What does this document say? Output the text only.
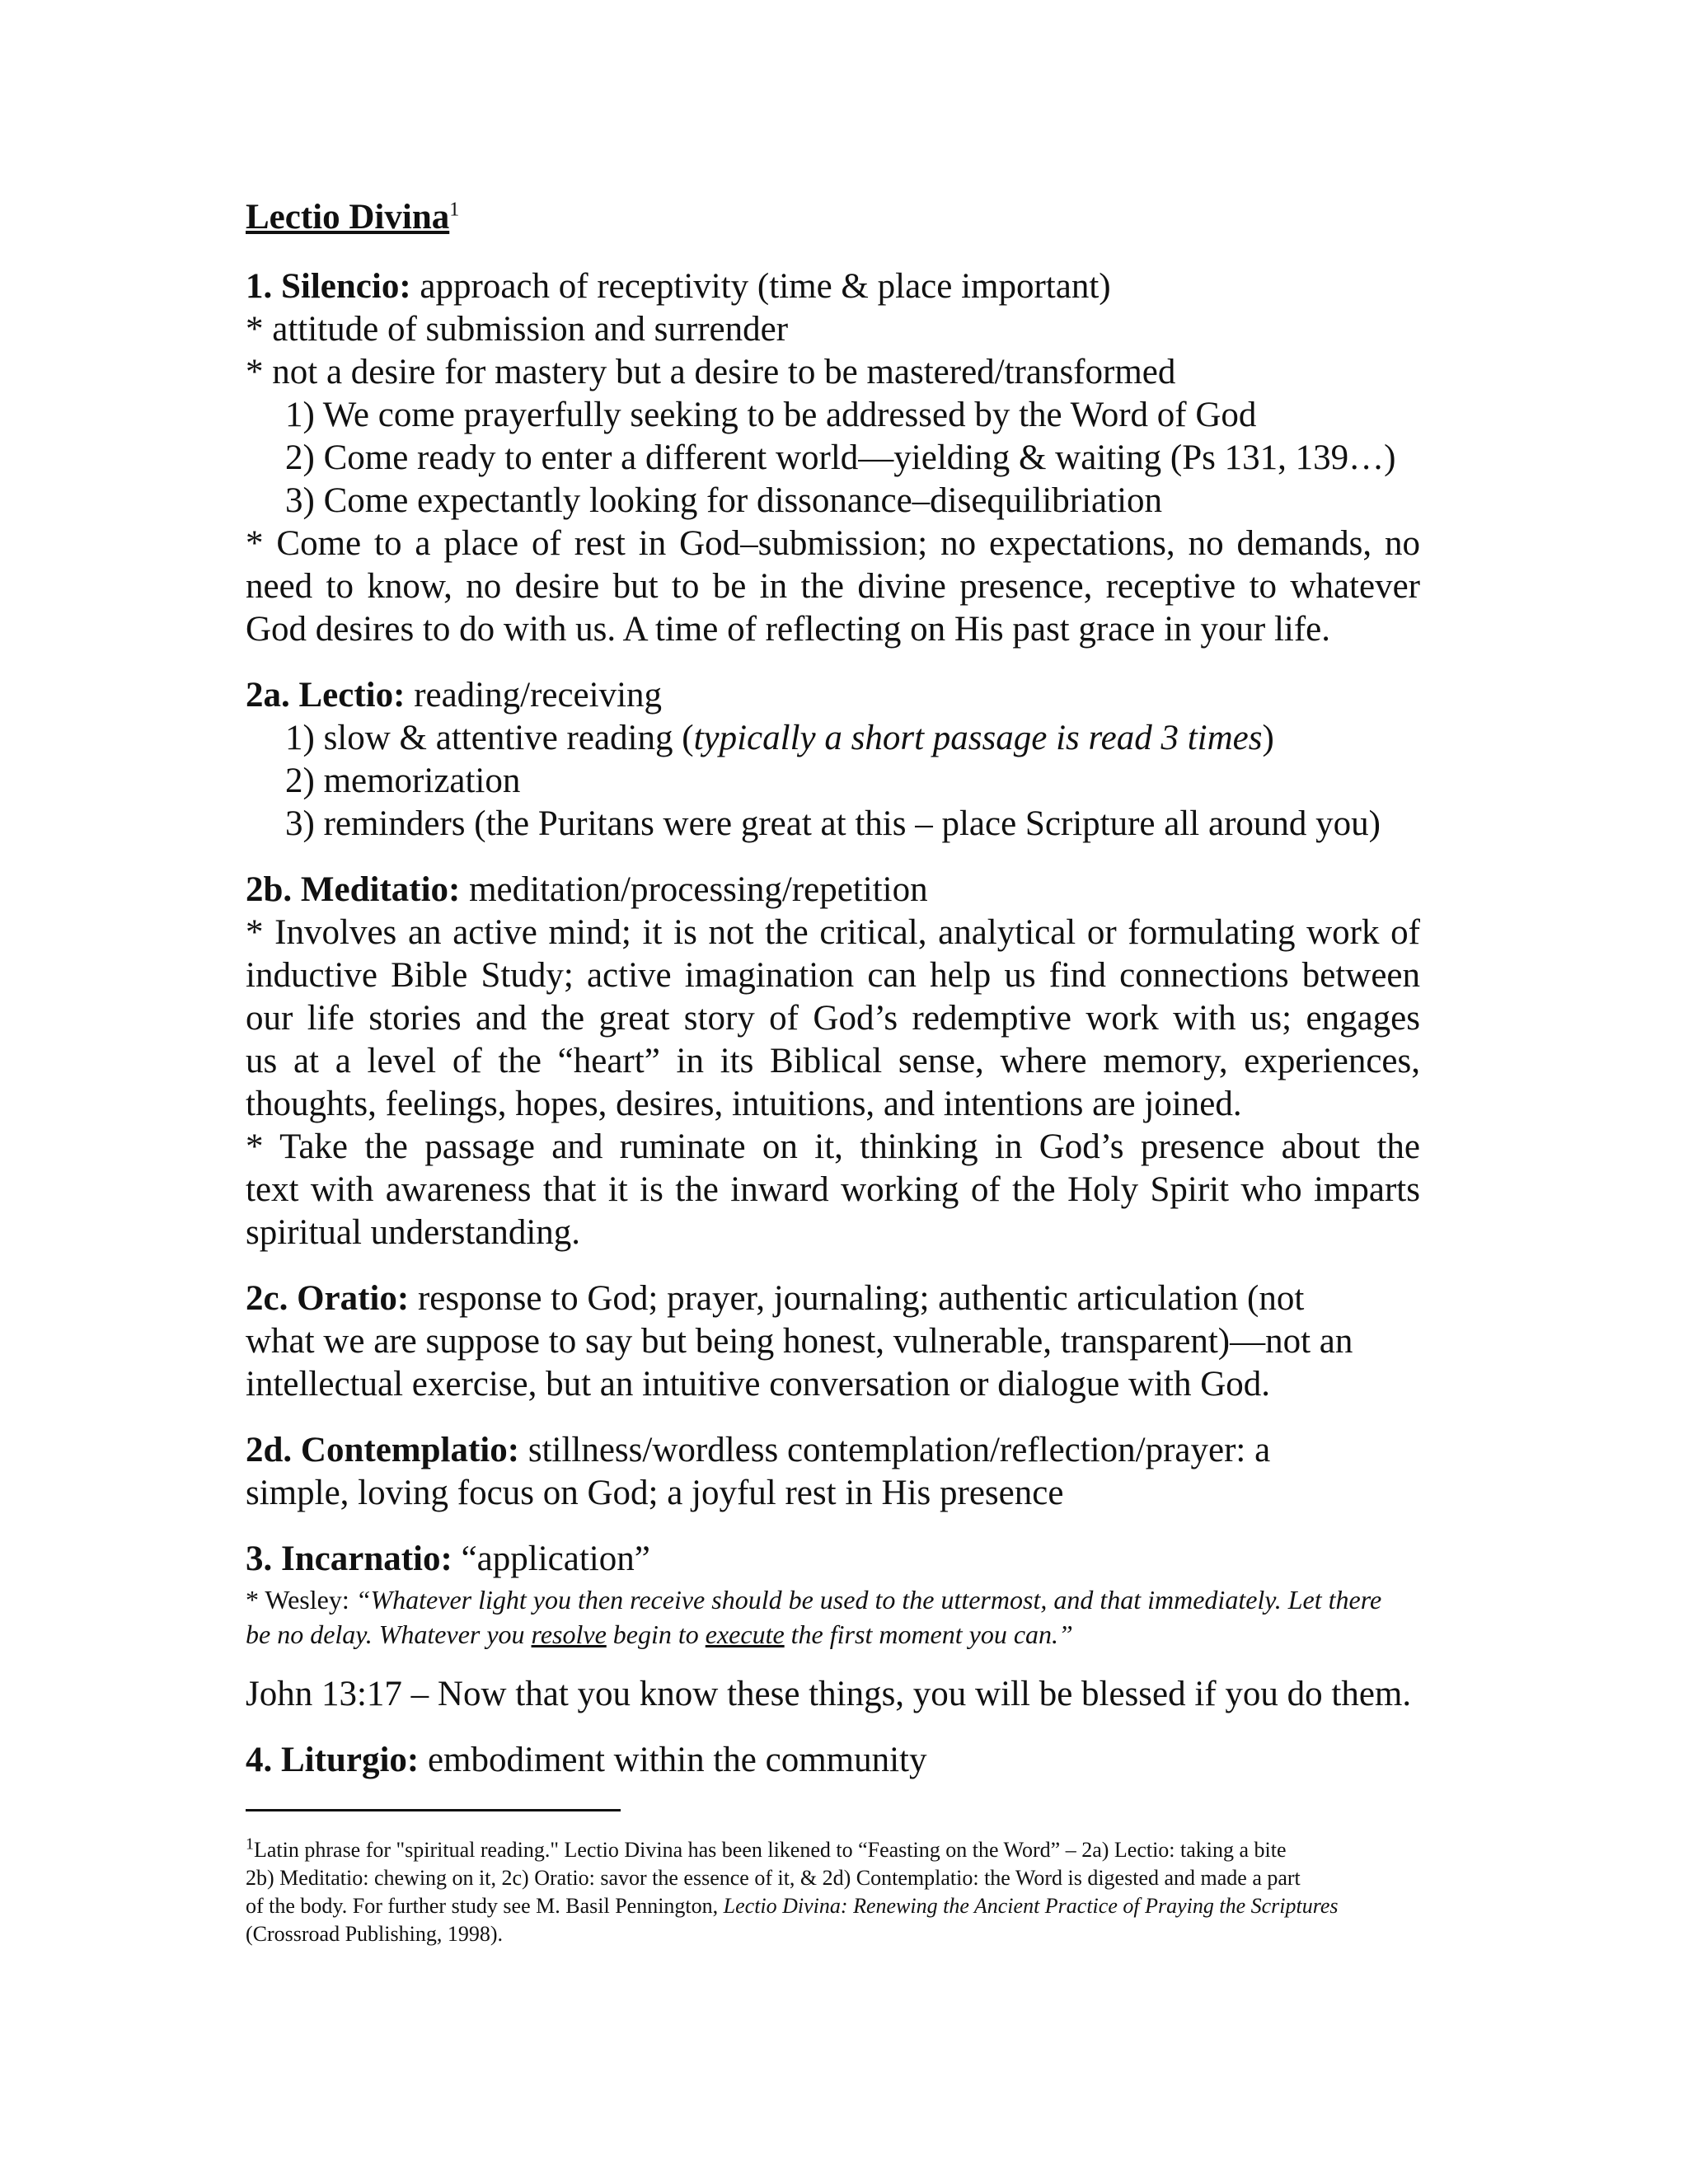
Lectio Divina$^1$
1. Silencio: approach of receptivity (time & place important)
* attitude of submission and surrender
* not a desire for mastery but a desire to be mastered/transformed
1) We come prayerfully seeking to be addressed by the Word of God
2) Come ready to enter a different world—yielding & waiting (Ps 131, 139…)
3) Come expectantly looking for dissonance–disequilibriation
* Come to a place of rest in God–submission; no expectations, no demands, no
need to know, no desire but to be in the divine presence, receptive to whatever
God desires to do with us. A time of reflecting on His past grace in your life.
2a. Lectio: reading/receiving
1) slow & attentive reading (typically a short passage is read 3 times)
2) memorization
3) reminders (the Puritans were great at this – place Scripture all around you)
2b. Meditatio: meditation/processing/repetition
* Involves an active mind; it is not the critical, analytical or formulating work of
inductive Bible Study; active imagination can help us find connections between
our life stories and the great story of God’s redemptive work with us; engages
us at a level of the “heart” in its Biblical sense, where memory, experiences,
thoughts, feelings, hopes, desires, intuitions, and intentions are joined.
* Take the passage and ruminate on it, thinking in God’s presence about the
text with awareness that it is the inward working of the Holy Spirit who imparts
spiritual understanding.
2c. Oratio: response to God; prayer, journaling; authentic articulation (not
what we are suppose to say but being honest, vulnerable, transparent)—not an
intellectual exercise, but an intuitive conversation or dialogue with God.
2d. Contemplatio: stillness/wordless contemplation/reflection/prayer: a
simple, loving focus on God; a joyful rest in His presence
3. Incarnatio: “application”
* Wesley: “Whatever light you then receive should be used to the uttermost, and that immediately. Let there
be no delay. Whatever you resolve begin to execute the first moment you can.”
John 13:17 – Now that you know these things, you will be blessed if you do them.
4. Liturgio: embodiment within the community
$^1$Latin phrase for "spiritual reading." Lectio Divina has been likened to “Feasting on the Word” – 2a) Lectio: taking a bite
2b) Meditatio: chewing on it, 2c) Oratio: savor the essence of it, & 2d) Contemplatio: the Word is digested and made a part
of the body. For further study see M. Basil Pennington, Lectio Divina: Renewing the Ancient Practice of Praying the Scriptures
(Crossroad Publishing, 1998).
